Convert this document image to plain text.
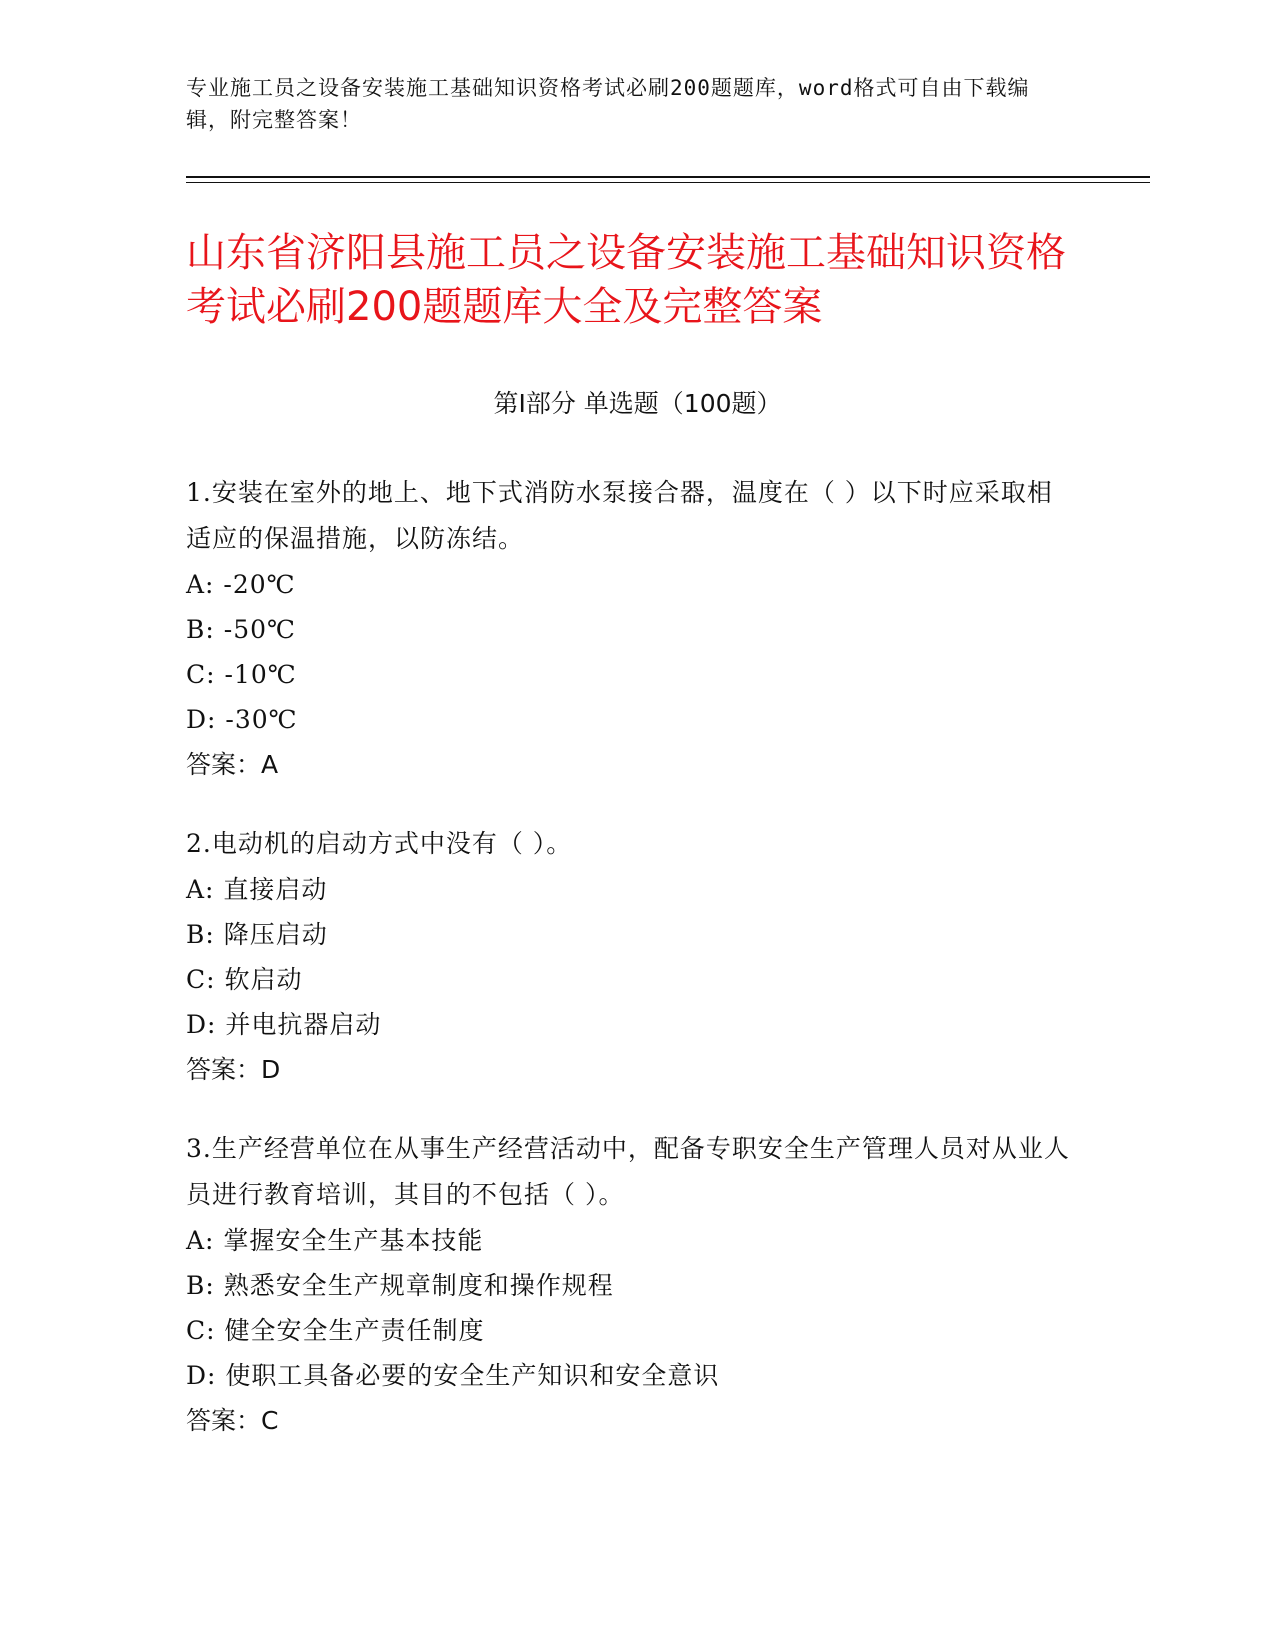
专业施工员之设备安装施工基础知识资格考试必刷200题题库，word格式可自由下载编辑，附完整答案！
山东省济阳县施工员之设备安装施工基础知识资格考试必刷200题题库大全及完整答案
第Ⅰ部分 单选题（100题）
1.安装在室外的地上、地下式消防水泵接合器，温度在（ ）以下时应采取相适应的保温措施，以防冻结。
A: -20℃
B: -50℃
C: -10℃
D: -30℃
答案：A
2.电动机的启动方式中没有（ ）。
A: 直接启动
B: 降压启动
C: 软启动
D: 并电抗器启动
答案：D
3.生产经营单位在从事生产经营活动中，配备专职安全生产管理人员对从业人员进行教育培训，其目的不包括（ ）。
A: 掌握安全生产基本技能
B: 熟悉安全生产规章制度和操作规程
C: 健全安全生产责任制度
D: 使职工具备必要的安全生产知识和安全意识
答案：C
